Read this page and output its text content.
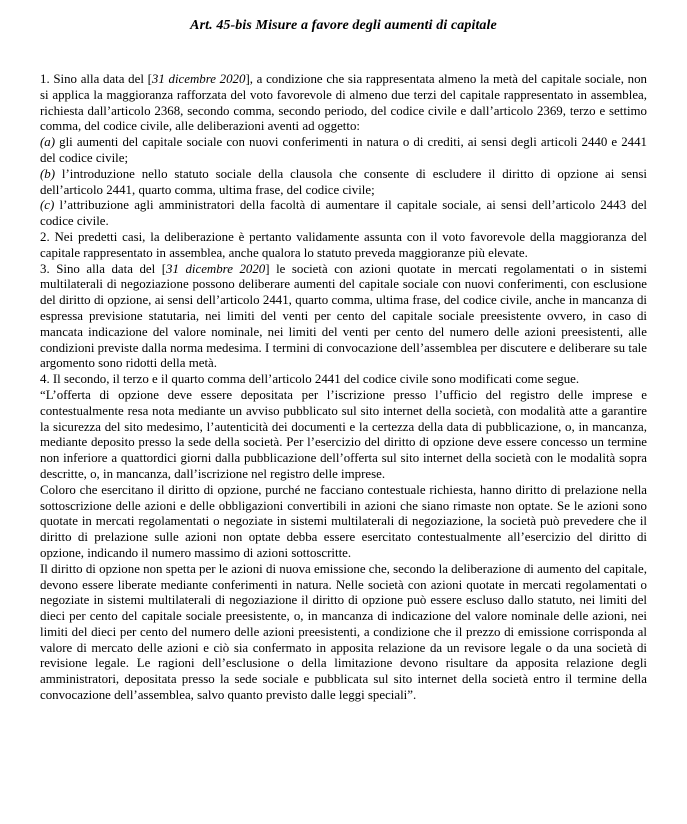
Art. 45-bis Misure a favore degli aumenti di capitale

1. Sino alla data del [31 dicembre 2020], a condizione che sia rappresentata almeno la metà del capitale sociale, non si applica la maggioranza rafforzata del voto favorevole di almeno due terzi del capitale rappresentato in assemblea, richiesta dall’articolo 2368, secondo comma, secondo periodo, del codice civile e dall’articolo 2369, terzo e settimo comma, del codice civile, alle deliberazioni aventi ad oggetto:

(a) gli aumenti del capitale sociale con nuovi conferimenti in natura o di crediti, ai sensi degli articoli 2440 e 2441 del codice civile;

(b) l’introduzione nello statuto sociale della clausola che consente di escludere il diritto di opzione ai sensi dell’articolo 2441, quarto comma, ultima frase, del codice civile;

(c) l’attribuzione agli amministratori della facoltà di aumentare il capitale sociale, ai sensi dell’articolo 2443 del codice civile.

2. Nei predetti casi, la deliberazione è pertanto validamente assunta con il voto favorevole della maggioranza del capitale rappresentato in assemblea, anche qualora lo statuto preveda maggioranze più elevate.

3. Sino alla data del [31 dicembre 2020] le società con azioni quotate in mercati regolamentati o in sistemi multilaterali di negoziazione possono deliberare aumenti del capitale sociale con nuovi conferimenti, con esclusione del diritto di opzione, ai sensi dell’articolo 2441, quarto comma, ultima frase, del codice civile, anche in mancanza di espressa previsione statutaria, nei limiti del venti per cento del capitale sociale preesistente ovvero, in caso di mancata indicazione del valore nominale, nei limiti del venti per cento del numero delle azioni preesistenti, alle condizioni previste dalla norma medesima. I termini di convocazione dell’assemblea per discutere e deliberare su tale argomento sono ridotti della metà.

4. Il secondo, il terzo e il quarto comma dell’articolo 2441 del codice civile sono modificati come segue.

“L’offerta di opzione deve essere depositata per l’iscrizione presso l’ufficio del registro delle imprese e contestualmente resa nota mediante un avviso pubblicato sul sito internet della società, con modalità atte a garantire la sicurezza del sito medesimo, l’autenticità dei documenti e la certezza della data di pubblicazione, o, in mancanza, mediante deposito presso la sede della società. Per l’esercizio del diritto di opzione deve essere concesso un termine non inferiore a quattordici giorni dalla pubblicazione dell’offerta sul sito internet della società con le modalità sopra descritte, o, in mancanza, dall’iscrizione nel registro delle imprese.

Coloro che esercitano il diritto di opzione, purché ne facciano contestuale richiesta, hanno diritto di prelazione nella sottoscrizione delle azioni e delle obbligazioni convertibili in azioni che siano rimaste non optate. Se le azioni sono quotate in mercati regolamentati o negoziate in sistemi multilaterali di negoziazione, la società può prevedere che il diritto di prelazione sulle azioni non optate debba essere esercitato contestualmente all’esercizio del diritto di opzione, indicando il numero massimo di azioni sottoscritte.

Il diritto di opzione non spetta per le azioni di nuova emissione che, secondo la deliberazione di aumento del capitale, devono essere liberate mediante conferimenti in natura. Nelle società con azioni quotate in mercati regolamentati o negoziate in sistemi multilaterali di negoziazione il diritto di opzione può essere escluso dallo statuto, nei limiti del dieci per cento del capitale sociale preesistente, o, in mancanza di indicazione del valore nominale delle azioni, nei limiti del dieci per cento del numero delle azioni preesistenti, a condizione che il prezzo di emissione corrisponda al valore di mercato delle azioni e ciò sia confermato in apposita relazione da un revisore legale o da una società di revisione legale. Le ragioni dell’esclusione o della limitazione devono risultare da apposita relazione degli amministratori, depositata presso la sede sociale e pubblicata sul sito internet della società entro il termine della convocazione dell’assemblea, salvo quanto previsto dalle leggi speciali”.
